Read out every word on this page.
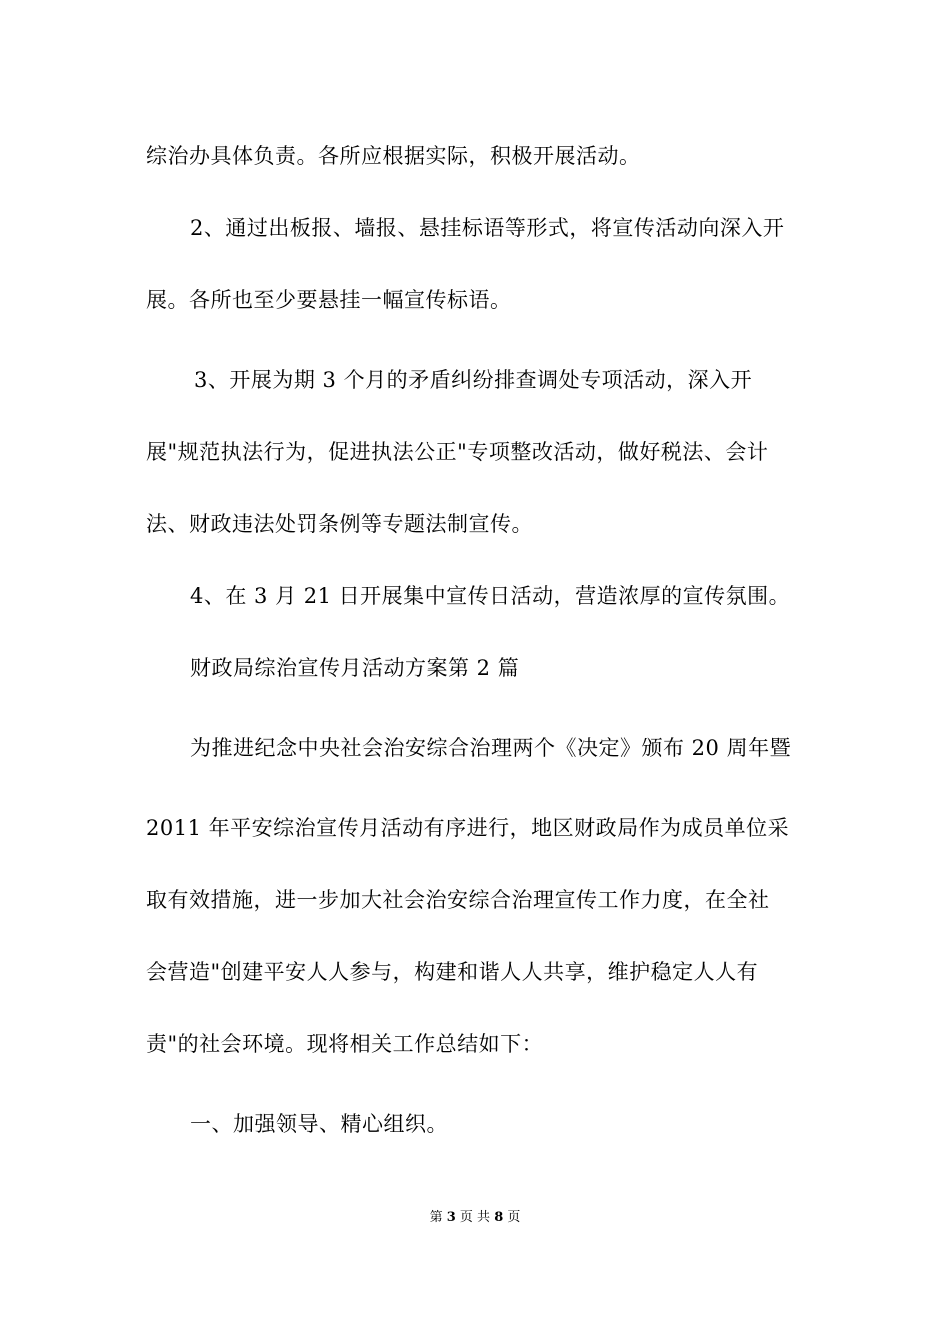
综治办具体负责。各所应根据实际，积极开展活动。
2、通过出板报、墙报、悬挂标语等形式，将宣传活动向深入开
展。各所也至少要悬挂一幅宣传标语。
3、开展为期 3 个月的矛盾纠纷排查调处专项活动，深入开
展"规范执法行为，促进执法公正"专项整改活动，做好税法、会计
法、财政违法处罚条例等专题法制宣传。
4、在 3 月 21 日开展集中宣传日活动，营造浓厚的宣传氛围。
财政局综治宣传月活动方案第 2 篇
为推进纪念中央社会治安综合治理两个《决定》颁布 20 周年暨
2011 年平安综治宣传月活动有序进行，地区财政局作为成员单位采
取有效措施，进一步加大社会治安综合治理宣传工作力度，在全社
会营造"创建平安人人参与，构建和谐人人共享，维护稳定人人有
责"的社会环境。现将相关工作总结如下：
一、加强领导、精心组织。
第 3 页 共 8 页
